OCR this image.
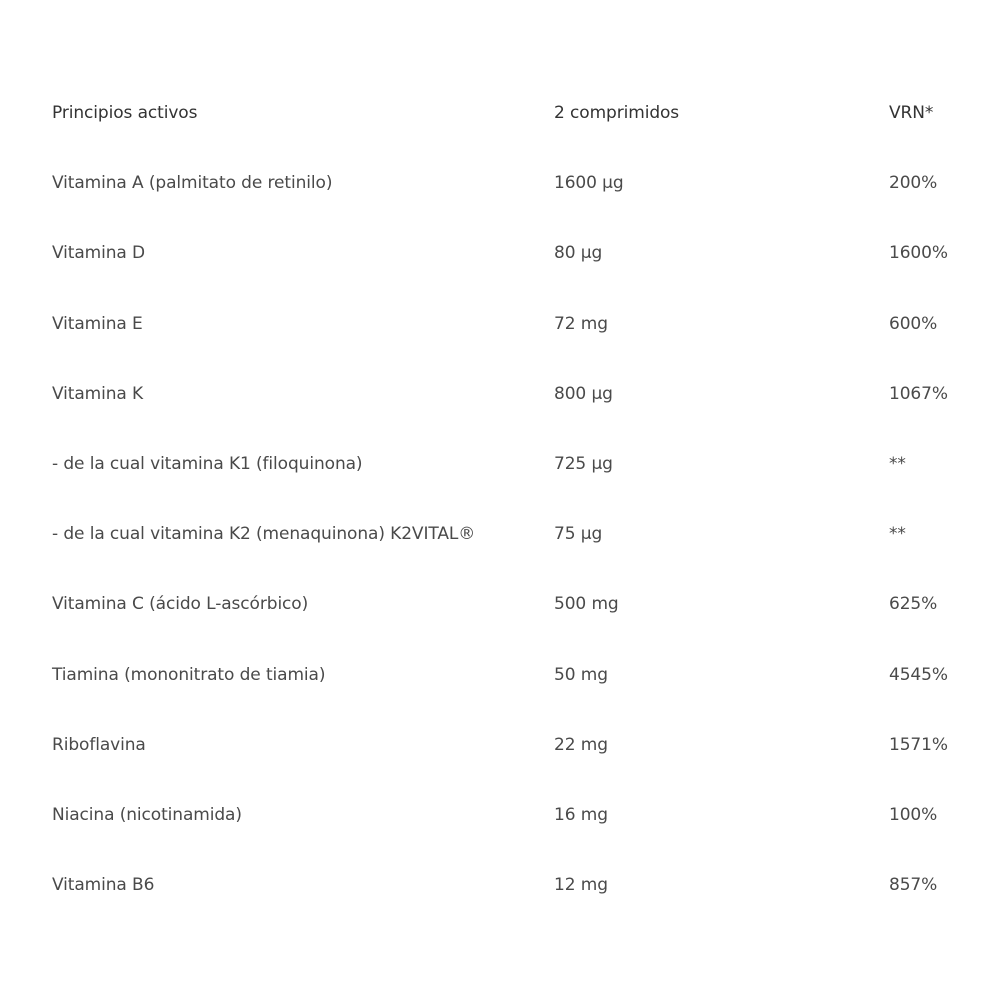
Principios activos	2 comprimidos	VRN*
Vitamina A (palmitato de retinilo)	1600 µg	200%
Vitamina D	80 µg	1600%
Vitamina E	72 mg	600%
Vitamina K	800 µg	1067%
- de la cual vitamina K1 (filoquinona)	725 µg	**
- de la cual vitamina K2 (menaquinona) K2VITAL®	75 µg	**
Vitamina C (ácido L-ascórbico)	500 mg	625%
Tiamina (mononitrato de tiamia)	50 mg	4545%
Riboflavina	22 mg	1571%
Niacina (nicotinamida)	16 mg	100%
Vitamina B6	12 mg	857%
